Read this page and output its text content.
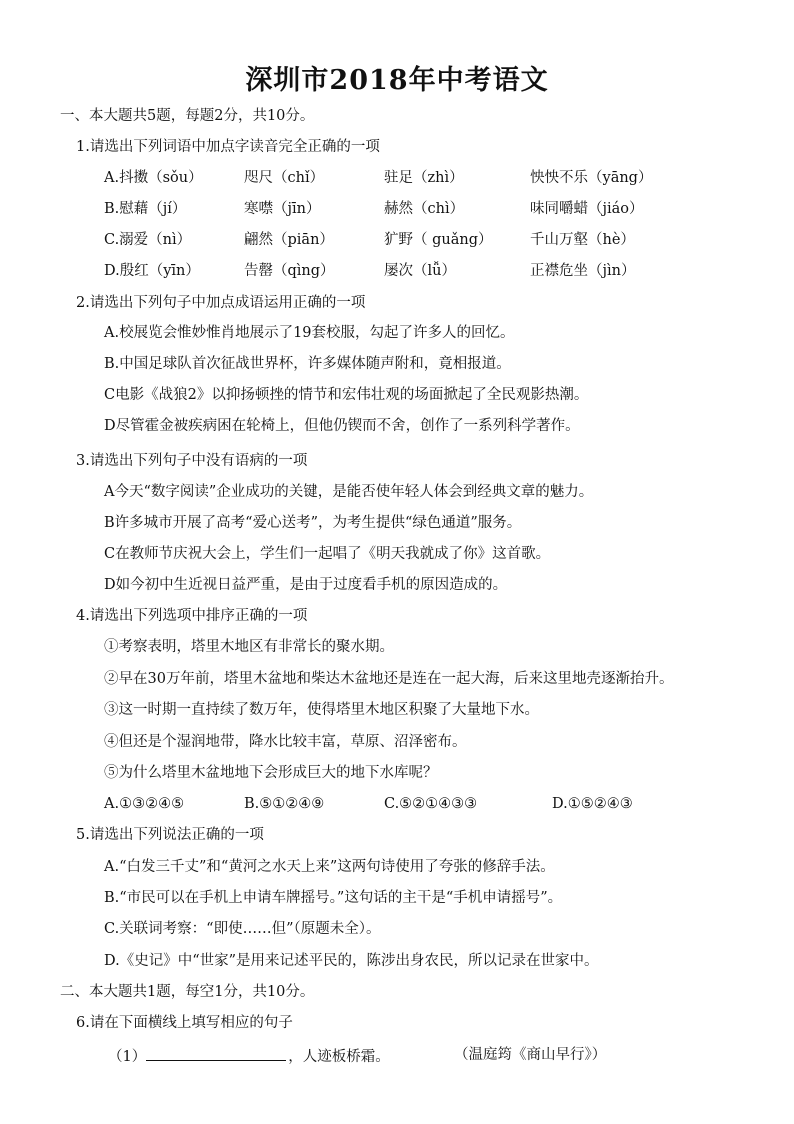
深圳市2018年中考语文
一、本大题共5题，每题2分，共10分。
1.请选出下列词语中加点字读音完全正确的一项
A.抖擞（sǒu）	咫尺（chǐ）	驻足（zhì）	怏怏不乐（yāng）
B.慰藉（jí）	寒噤（jīn）	赫然（chì）	味同嚼蜡（jiáo）
C.溺爱（nì）	翩然（piān）	犷野（ guǎng）	千山万壑（hè）
D.殷红（yīn）	告罄（qìng）	屡次（lǚ）	正襟危坐（jìn）
2.请选出下列句子中加点成语运用正确的一项
A.校展览会惟妙惟肖地展示了19套校服，勾起了许多人的回忆。
B.中国足球队首次征战世界杯，许多媒体随声附和，竟相报道。
C电影《战狼2》以抑扬顿挫的情节和宏伟壮观的场面掀起了全民观影热潮。
D尽管霍金被疾病困在轮椅上，但他仍锲而不舍，创作了一系列科学著作。
3.请选出下列句子中没有语病的一项
A今天“数字阅读”企业成功的关键，是能否使年轻人体会到经典文章的魅力。
B许多城市开展了高考“爱心送考”，为考生提供“绿色通道”服务。
C在教师节庆祝大会上，学生们一起唱了《明天我就成了你》这首歌。
D如今初中生近视日益严重，是由于过度看手机的原因造成的。
4.请选出下列选项中排序正确的一项
①考察表明，塔里木地区有非常长的聚水期。
②早在30万年前，塔里木盆地和柴达木盆地还是连在一起大海，后来这里地壳逐渐抬升。
③这一时期一直持续了数万年，使得塔里木地区积聚了大量地下水。
④但还是个湿润地带，降水比较丰富，草原、沼泽密布。
⑤为什么塔里木盆地地下会形成巨大的地下水库呢？
A.①③②④⑤	B.⑤①②④⑨	C.⑤②①④③③	D.①⑤②④③
5.请选出下列说法正确的一项
A.“白发三千丈”和“黄河之水天上来”这两句诗使用了夸张的修辞手法。
B.“市民可以在手机上申请车牌摇号。”这句话的主干是“手机申请摇号”。
C.关联词考察：“即使……但”（原题未全）。
D.《史记》中“世家”是用来记述平民的，陈涉出身农民，所以记录在世家中。
二、本大题共1题，每空1分，共10分。
6.请在下面横线上填写相应的句子
（1）	，人迹板桥霜。	（温庭筠《商山早行》）
